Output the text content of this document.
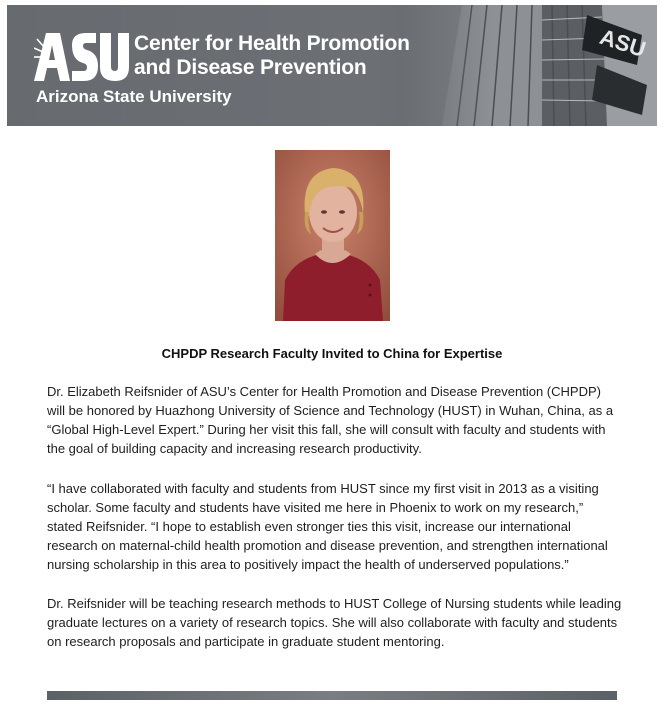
Center for Health Promotion
and Disease Prevention

Arizona State University

CHPDP Research Faculty Invited to China for Expertise

Dr. Elizabeth Reifsnider of ASU’s Center for Health Promotion and Disease Prevention (CHPDP) will be honored by Huazhong University of Science and Technology (HUST) in Wuhan, China, as a “Global High-Level Expert.” During her visit this fall, she will consult with faculty and students with the goal of building capacity and increasing research productivity.

“I have collaborated with faculty and students from HUST since my first visit in 2013 as a visiting scholar. Some faculty and students have visited me here in Phoenix to work on my research,” stated Reifsnider. “I hope to establish even stronger ties this visit, increase our international research on maternal-child health promotion and disease prevention, and strengthen international nursing scholarship in this area to positively impact the health of underserved populations.”

Dr. Reifsnider will be teaching research methods to HUST College of Nursing students while leading graduate lectures on a variety of research topics. She will also collaborate with faculty and students on research proposals and participate in graduate student mentoring.
